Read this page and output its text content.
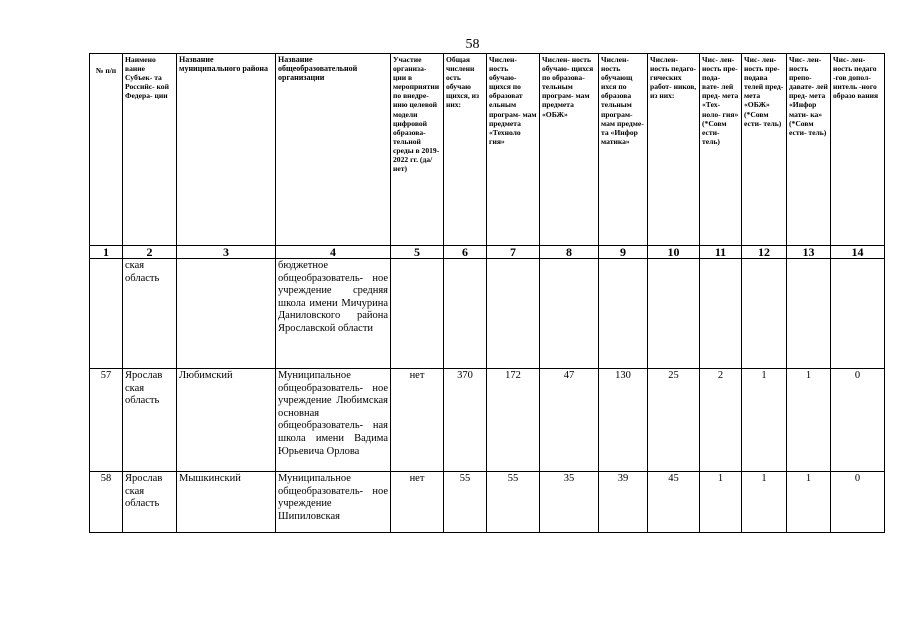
58
№ п/п	Наимено вание Субъек- та Российс- кой Федера- ции	Название муниципального района	Название общеобразовательной организации	Участие организа- ции в мероприятии по внедре- нию целевой модели цифровой образова- тельной среды в 2019-2022 гг. (да/нет)	Общая численн ость обучаю щихся, из них:	Числен- ность обучаю- щихся по образоват ельным програм- мам предмета «Техноло гия»	Числен- ность обучаю- щихся по образова- тельным програм- мам предмета «ОБЖ»	Числен- ность обучающ ихся по образова тельным програм- мам предме- та «Инфор матика»	Числен- ность педаго- гических работ- ников, из них:	Чис- лен- ность пре- пода- вате- лей пред- мета «Тех- ноло- гия» (*Совм ести- тель)	Чис- лен- ность пре- подава телей пред- мета «ОБЖ» (*Совм ести- тель)	Чис- лен- ность препо- давате- лей пред- мета «Инфор мати- ка» (*Совм ести- тель)	Чис- лен- ность педаго -гов допол- нитель -ного образо вания
1	2	3	4	5	6	7	8	9	10	11	12	13	14
	ская область		бюджетное общеобразователь- ное учреждение средняя школа имени Мичурина Даниловского района Ярославской области										
57	Ярослав ская область	Любимский	Муниципальное общеобразователь- ное учреждение Любимская основная общеобразователь- ная школа имени Вадима Юрьевича Орлова	нет	370	172	47	130	25	2	1	1	0
58	Ярослав ская область	Мышкинский	Муниципальное общеобразователь- ное учреждение Шипиловская	нет	55	55	35	39	45	1	1	1	0
